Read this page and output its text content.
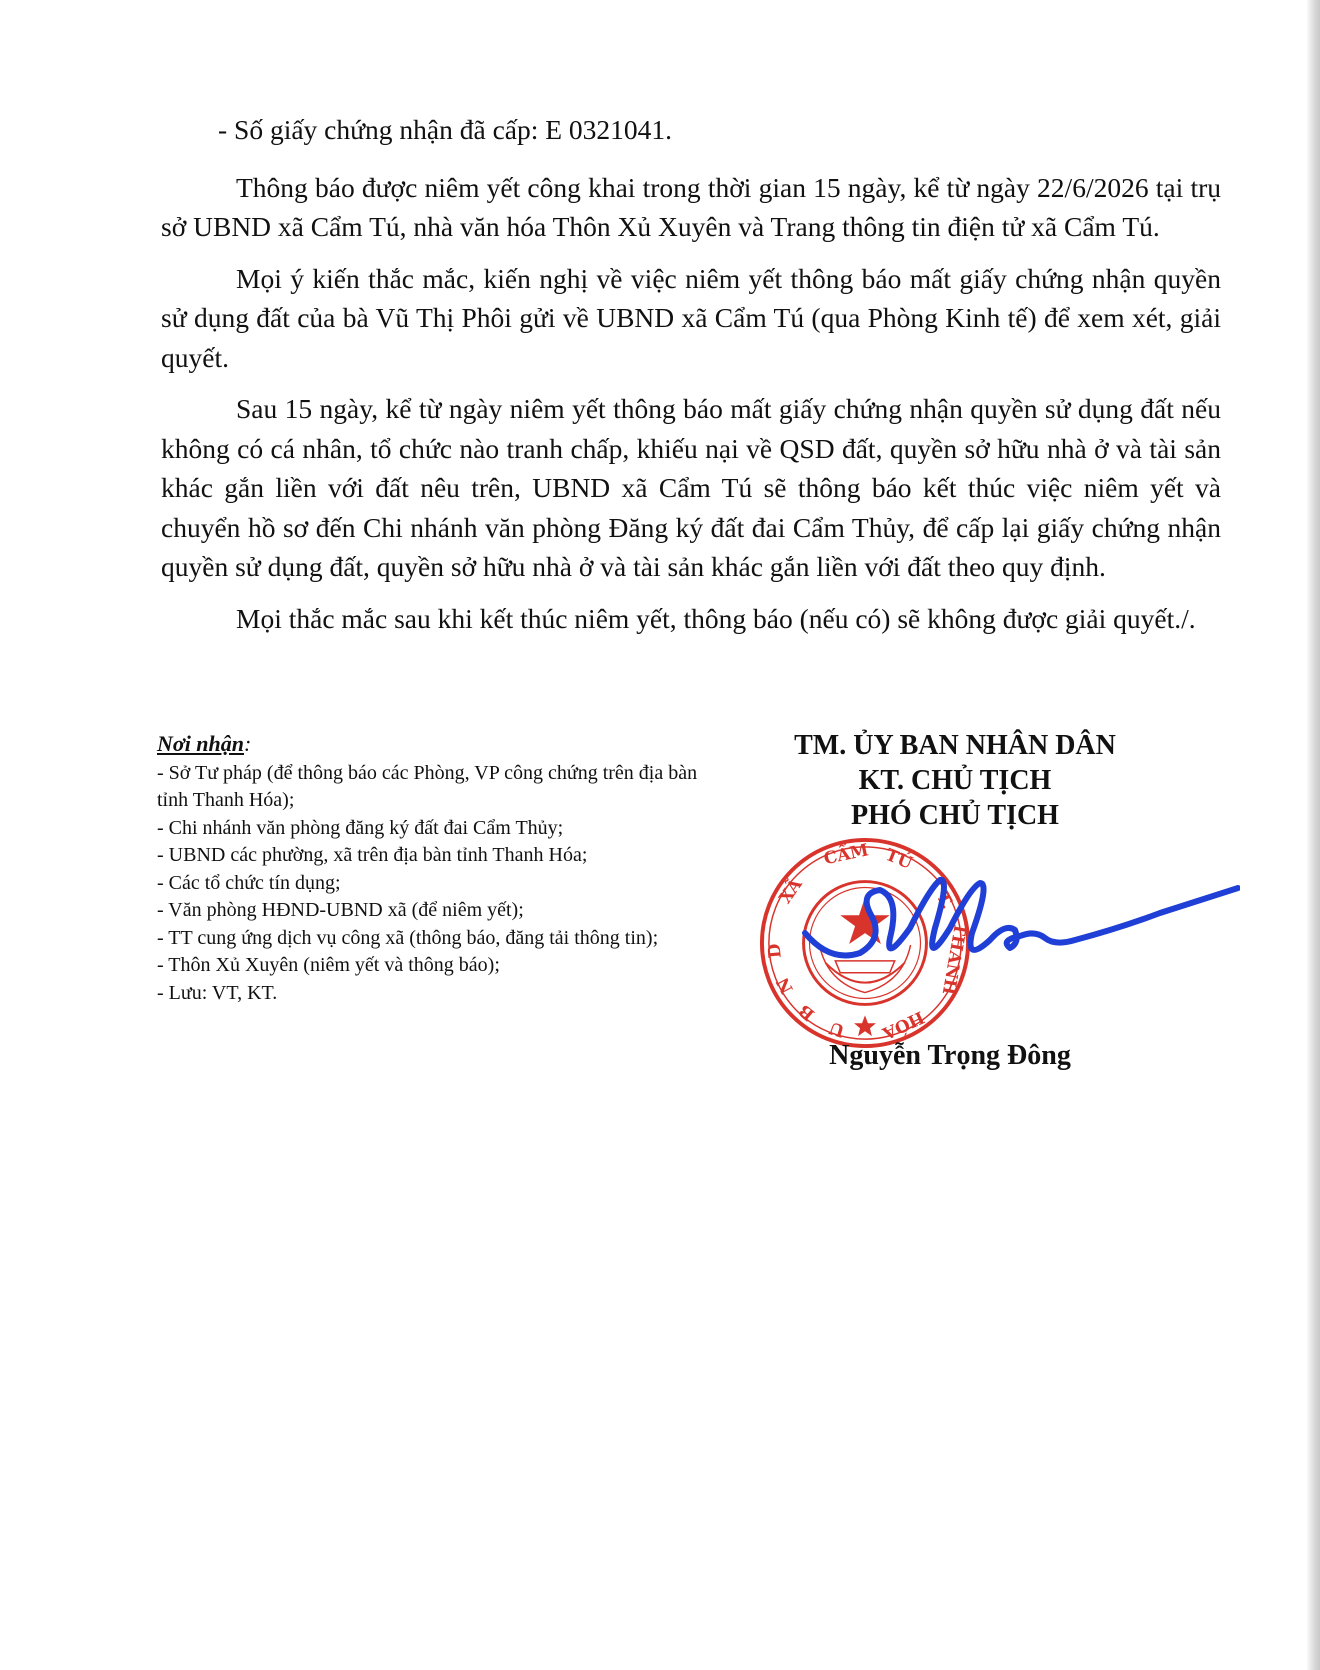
- Số giấy chứng nhận đã cấp: E 0321041.

Thông báo được niêm yết công khai trong thời gian 15 ngày, kể từ ngày 22/6/2026 tại trụ sở UBND xã Cẩm Tú, nhà văn hóa Thôn Xủ Xuyên và Trang thông tin điện tử xã Cẩm Tú.

Mọi ý kiến thắc mắc, kiến nghị về việc niêm yết thông báo mất giấy chứng nhận quyền sử dụng đất của bà Vũ Thị Phôi gửi về UBND xã Cẩm Tú (qua Phòng Kinh tế) để xem xét, giải quyết.

Sau 15 ngày, kể từ ngày niêm yết thông báo mất giấy chứng nhận quyền sử dụng đất nếu không có cá nhân, tổ chức nào tranh chấp, khiếu nại về QSD đất, quyền sở hữu nhà ở và tài sản khác gắn liền với đất nêu trên, UBND xã Cẩm Tú sẽ thông báo kết thúc việc niêm yết và chuyển hồ sơ đến Chi nhánh văn phòng Đăng ký đất đai Cẩm Thủy, để cấp lại giấy chứng nhận quyền sử dụng đất, quyền sở hữu nhà ở và tài sản khác gắn liền với đất theo quy định.

Mọi thắc mắc sau khi kết thúc niêm yết, thông báo (nếu có) sẽ không được giải quyết./.

Nơi nhận:
- Sở Tư pháp (để thông báo các Phòng, VP công chứng trên địa bàn tỉnh Thanh Hóa);
- Chi nhánh văn phòng đăng ký đất đai Cẩm Thủy;
- UBND các phường, xã trên địa bàn tỉnh Thanh Hóa;
- Các tổ chức tín dụng;
- Văn phòng HĐND-UBND xã (để niêm yết);
- TT cung ứng dịch vụ công xã (thông báo, đăng tải thông tin);
- Thôn Xủ Xuyên (niêm yết và thông báo);
- Lưu: VT, KT.
TM. ỦY BAN NHÂN DÂN
KT. CHỦ TỊCH
PHÓ CHỦ TỊCH
CẨM TÚ
XÃ
D
N
B
U
T.
THANH
HÓA
Nguyễn Trọng Đông
